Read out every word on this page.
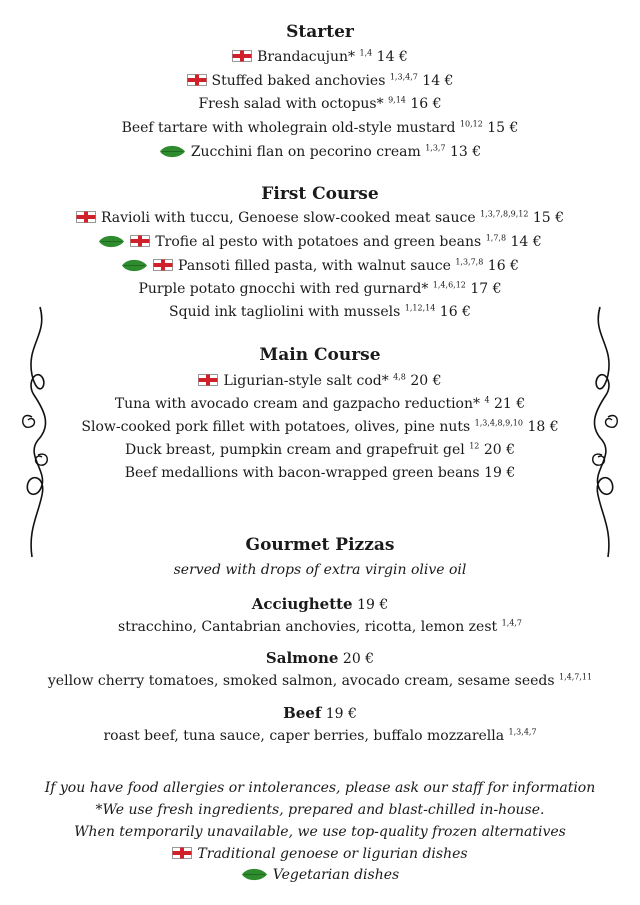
Starter
Brandacujun* $^{1,4}$ 14 €
Stuffed baked anchovies $^{1,3,4,7}$ 14 €
Fresh salad with octopus* $^{9,14}$ 16 €
Beef tartare with wholegrain old-style mustard $^{10,12}$ 15 €
Zucchini flan on pecorino cream $^{1,3,7}$ 13 €
First Course
Ravioli with tuccu, Genoese slow-cooked meat sauce $^{1,3,7,8,9,12}$ 15 €
Trofie al pesto with potatoes and green beans $^{1,7,8}$ 14 €
Pansoti filled pasta, with walnut sauce $^{1,3,7,8}$ 16 €
Purple potato gnocchi with red gurnard* $^{1,4,6,12}$ 17 €
Squid ink tagliolini with mussels $^{1,12,14}$ 16 €
Main Course
Ligurian-style salt cod* $^{4,8}$ 20 €
Tuna with avocado cream and gazpacho reduction* $^4$ 21 €
Slow-cooked pork fillet with potatoes, olives, pine nuts $^{1,3,4,8,9,10}$ 18 €
Duck breast, pumpkin cream and grapefruit gel $^{12}$ 20 €
Beef medallions with bacon-wrapped green beans 19 €
Gourmet Pizzas
served with drops of extra virgin olive oil
Acciughette 19 €
stracchino, Cantabrian anchovies, ricotta, lemon zest $^{1,4,7}$
Salmone 20 €
yellow cherry tomatoes, smoked salmon, avocado cream, sesame seeds $^{1,4,7,11}$
Beef 19 €
roast beef, tuna sauce, caper berries, buffalo mozzarella $^{1,3,4,7}$
If you have food allergies or intolerances, please ask our staff for information
*We use fresh ingredients, prepared and blast-chilled in-house.
When temporarily unavailable, we use top-quality frozen alternatives
Traditional genoese or ligurian dishes
Vegetarian dishes
